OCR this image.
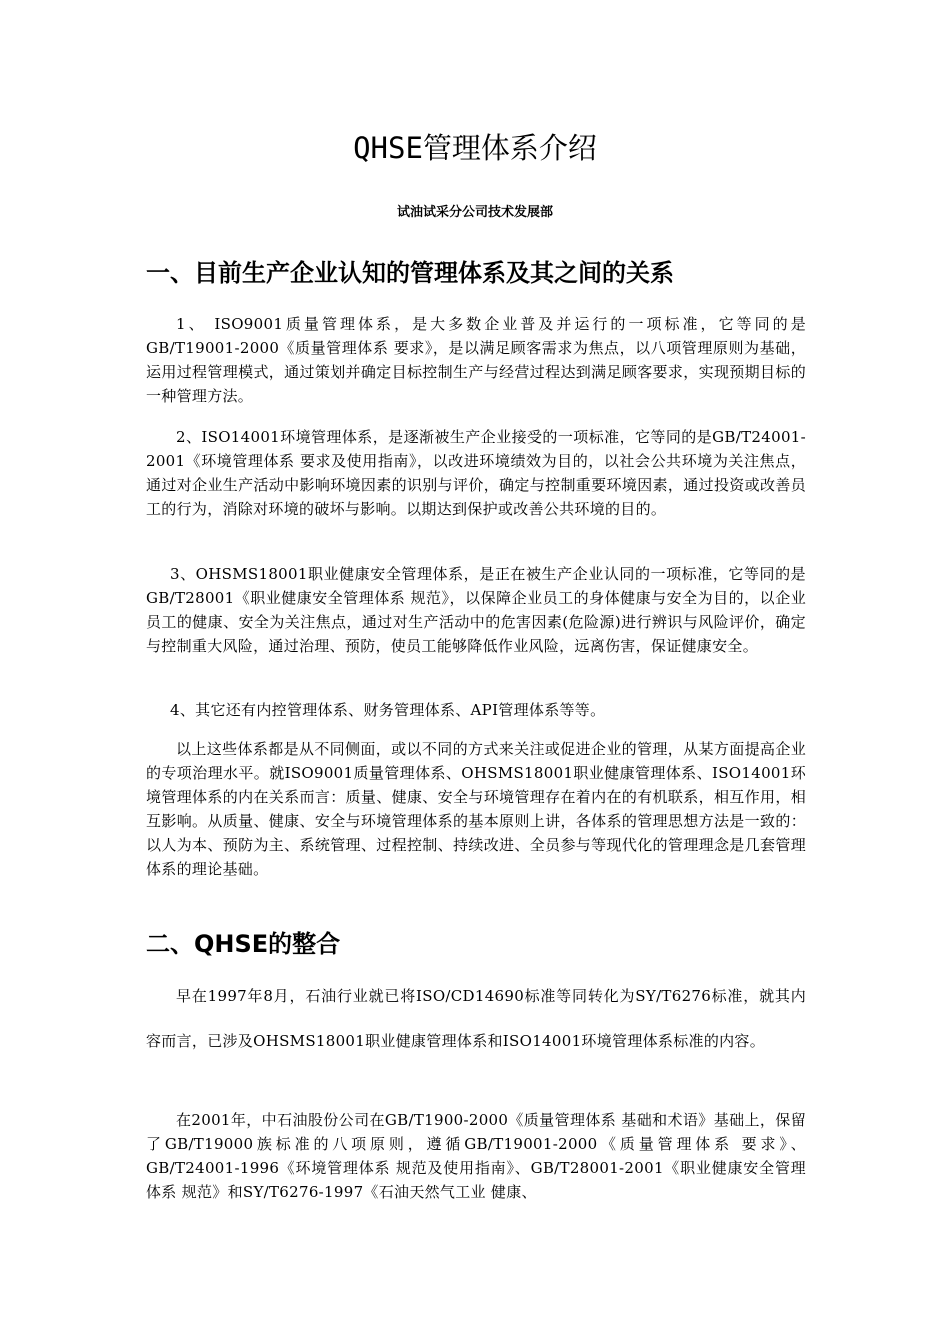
QHSE管理体系介绍
试油试采分公司技术发展部
一、目前生产企业认知的管理体系及其之间的关系
1、 ISO9001质量管理体系，是大多数企业普及并运行的一项标准，它等同的是GB/T19001-2000《质量管理体系 要求》，是以满足顾客需求为焦点，以八项管理原则为基础，运用过程管理模式，通过策划并确定目标控制生产与经营过程达到满足顾客要求，实现预期目标的一种管理方法。
2、ISO14001环境管理体系，是逐渐被生产企业接受的一项标准，它等同的是GB/T24001-2001《环境管理体系 要求及使用指南》，以改进环境绩效为目的，以社会公共环境为关注焦点，通过对企业生产活动中影响环境因素的识别与评价，确定与控制重要环境因素，通过投资或改善员工的行为，消除对环境的破坏与影响。以期达到保护或改善公共环境的目的。
3、OHSMS18001职业健康安全管理体系，是正在被生产企业认同的一项标准，它等同的是GB/T28001《职业健康安全管理体系 规范》，以保障企业员工的身体健康与安全为目的，以企业员工的健康、安全为关注焦点，通过对生产活动中的危害因素(危险源)进行辨识与风险评价，确定与控制重大风险，通过治理、预防，使员工能够降低作业风险，远离伤害，保证健康安全。
4、其它还有内控管理体系、财务管理体系、API管理体系等等。
以上这些体系都是从不同侧面，或以不同的方式来关注或促进企业的管理，从某方面提高企业的专项治理水平。就ISO9001质量管理体系、OHSMS18001职业健康管理体系、ISO14001环境管理体系的内在关系而言：质量、健康、安全与环境管理存在着内在的有机联系，相互作用，相互影响。从质量、健康、安全与环境管理体系的基本原则上讲，各体系的管理思想方法是一致的：以人为本、预防为主、系统管理、过程控制、持续改进、全员参与等现代化的管理理念是几套管理体系的理论基础。
二、QHSE的整合
早在1997年8月，石油行业就已将ISO/CD14690标准等同转化为SY/T6276标准，就其内容而言，已涉及OHSMS18001职业健康管理体系和ISO14001环境管理体系标准的内容。
在2001年，中石油股份公司在GB/T1900-2000《质量管理体系 基础和术语》基础上，保留了GB/T19000族标准的八项原则，遵循GB/T19001-2000《质量管理体系 要求》、GB/T24001-1996《环境管理体系 规范及使用指南》、GB/T28001-2001《职业健康安全管理体系 规范》和SY/T6276-1997《石油天然气工业 健康、
